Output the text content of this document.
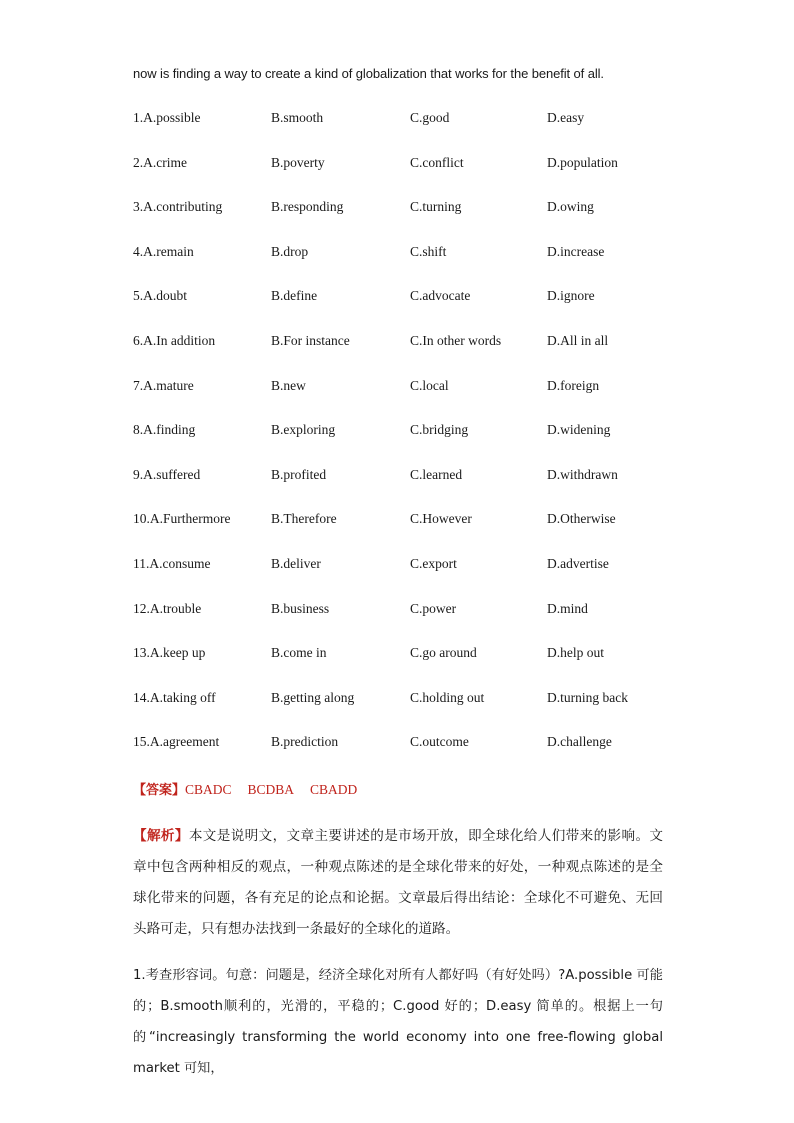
now is finding a way to create a kind of globalization that works for the benefit of all.
1.A.possible	B.smooth	C.good	D.easy
2.A.crime	B.poverty	C.conflict	D.population
3.A.contributing	B.responding	C.turning	D.owing
4.A.remain	B.drop	C.shift	D.increase
5.A.doubt	B.define	C.advocate	D.ignore
6.A.In addition	B.For instance	C.In other words	D.All in all
7.A.mature	B.new	C.local	D.foreign
8.A.finding	B.exploring	C.bridging	D.widening
9.A.suffered	B.profited	C.learned	D.withdrawn
10.A.Furthermore	B.Therefore	C.However	D.Otherwise
11.A.consume	B.deliver	C.export	D.advertise
12.A.trouble	B.business	C.power	D.mind
13.A.keep up	B.come in	C.go around	D.help out
14.A.taking off	B.getting along	C.holding out	D.turning back
15.A.agreement	B.prediction	C.outcome	D.challenge
【答案】CBADC BCDBA CBADD
【解析】本文是说明文，文章主要讲述的是市场开放，即全球化给人们带来的影响。文章中包含两种相反的观点，一种观点陈述的是全球化带来的好处，一种观点陈述的是全球化带来的问题，各有充足的论点和论据。文章最后得出结论：全球化不可避免、无回头路可走，只有想办法找到一条最好的全球化的道路。
1.考查形容词。句意：问题是，经济全球化对所有人都好吗（有好处吗）?A.possible 可能的；B.smooth顺利的，光滑的，平稳的；C.good 好的；D.easy 简单的。根据上一句的“increasingly transforming the world economy into one free-flowing global market 可知，
